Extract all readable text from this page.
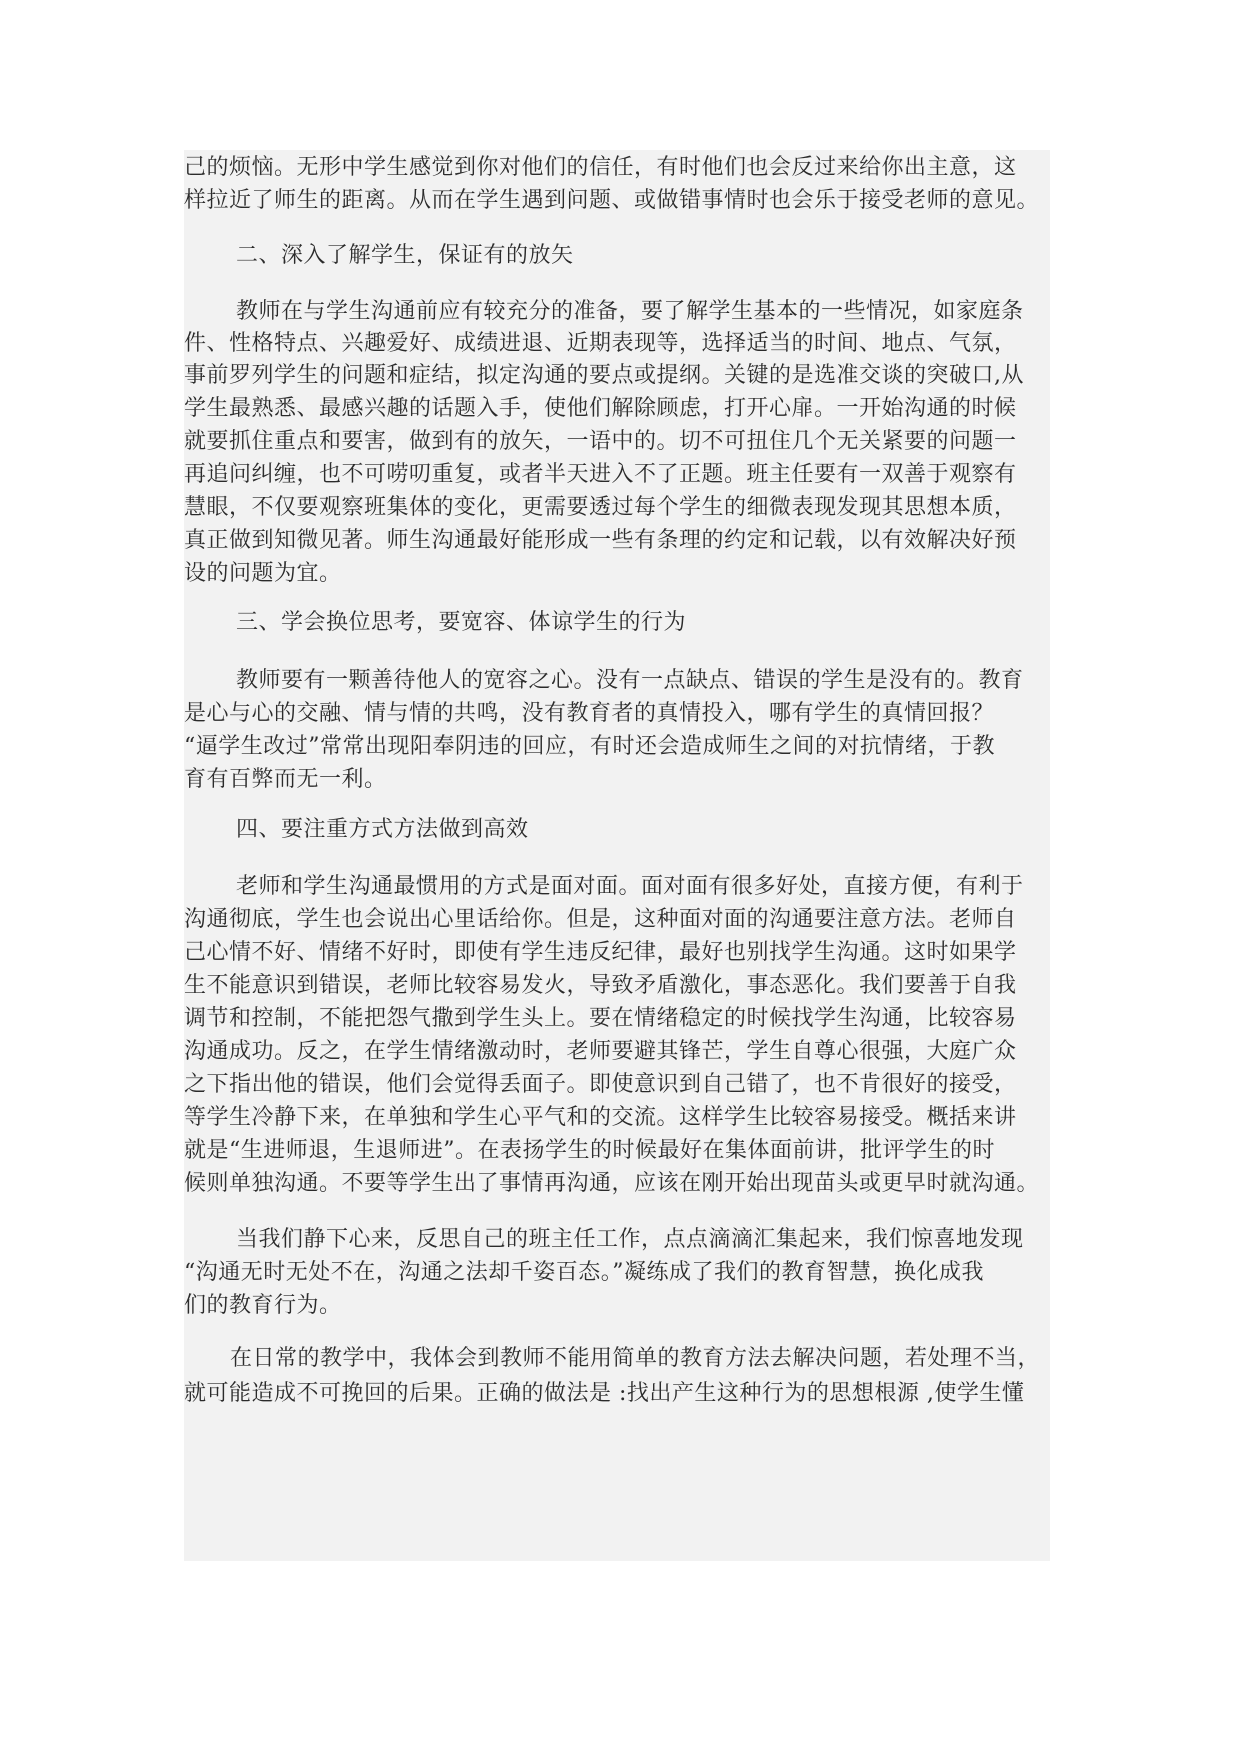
己的烦恼。无形中学生感觉到你对他们的信任，有时他们也会反过来给你出主意，这
样拉近了师生的距离。从而在学生遇到问题、或做错事情时也会乐于接受老师的意见。
二、深入了解学生，保证有的放矢
教师在与学生沟通前应有较充分的准备，要了解学生基本的一些情况，如家庭条
件、性格特点、兴趣爱好、成绩进退、近期表现等，选择适当的时间、地点、气氛，
事前罗列学生的问题和症结，拟定沟通的要点或提纲。关键的是选准交谈的突破口,从
学生最熟悉、最感兴趣的话题入手，使他们解除顾虑，打开心扉。一开始沟通的时候
就要抓住重点和要害，做到有的放矢，一语中的。切不可扭住几个无关紧要的问题一
再追问纠缠，也不可唠叨重复，或者半天进入不了正题。班主任要有一双善于观察有
慧眼，不仅要观察班集体的变化，更需要透过每个学生的细微表现发现其思想本质，
真正做到知微见著。师生沟通最好能形成一些有条理的约定和记载，以有效解决好预
设的问题为宜。
三、学会换位思考，要宽容、体谅学生的行为
教师要有一颗善待他人的宽容之心。没有一点缺点、错误的学生是没有的。教育
是心与心的交融、情与情的共鸣，没有教育者的真情投入，哪有学生的真情回报？
“逼学生改过”常常出现阳奉阴违的回应，有时还会造成师生之间的对抗情绪，于教
育有百弊而无一利。
四、要注重方式方法做到高效
老师和学生沟通最惯用的方式是面对面。面对面有很多好处，直接方便，有利于
沟通彻底，学生也会说出心里话给你。但是，这种面对面的沟通要注意方法。老师自
己心情不好、情绪不好时，即使有学生违反纪律，最好也别找学生沟通。这时如果学
生不能意识到错误，老师比较容易发火，导致矛盾激化，事态恶化。我们要善于自我
调节和控制，不能把怨气撒到学生头上。要在情绪稳定的时候找学生沟通，比较容易
沟通成功。反之，在学生情绪激动时，老师要避其锋芒，学生自尊心很强，大庭广众
之下指出他的错误，他们会觉得丢面子。即使意识到自己错了，也不肯很好的接受，
等学生冷静下来，在单独和学生心平气和的交流。这样学生比较容易接受。概括来讲
就是“生进师退，生退师进”。在表扬学生的时候最好在集体面前讲，批评学生的时
候则单独沟通。不要等学生出了事情再沟通，应该在刚开始出现苗头或更早时就沟通。
当我们静下心来，反思自己的班主任工作，点点滴滴汇集起来，我们惊喜地发现
“沟通无时无处不在，沟通之法却千姿百态。”凝练成了我们的教育智慧，换化成我
们的教育行为。
在日常的教学中，我体会到教师不能用简单的教育方法去解决问题，若处理不当，
就可能造成不可挽回的后果。正确的做法是 :找出产生这种行为的思想根源 ,使学生懂
